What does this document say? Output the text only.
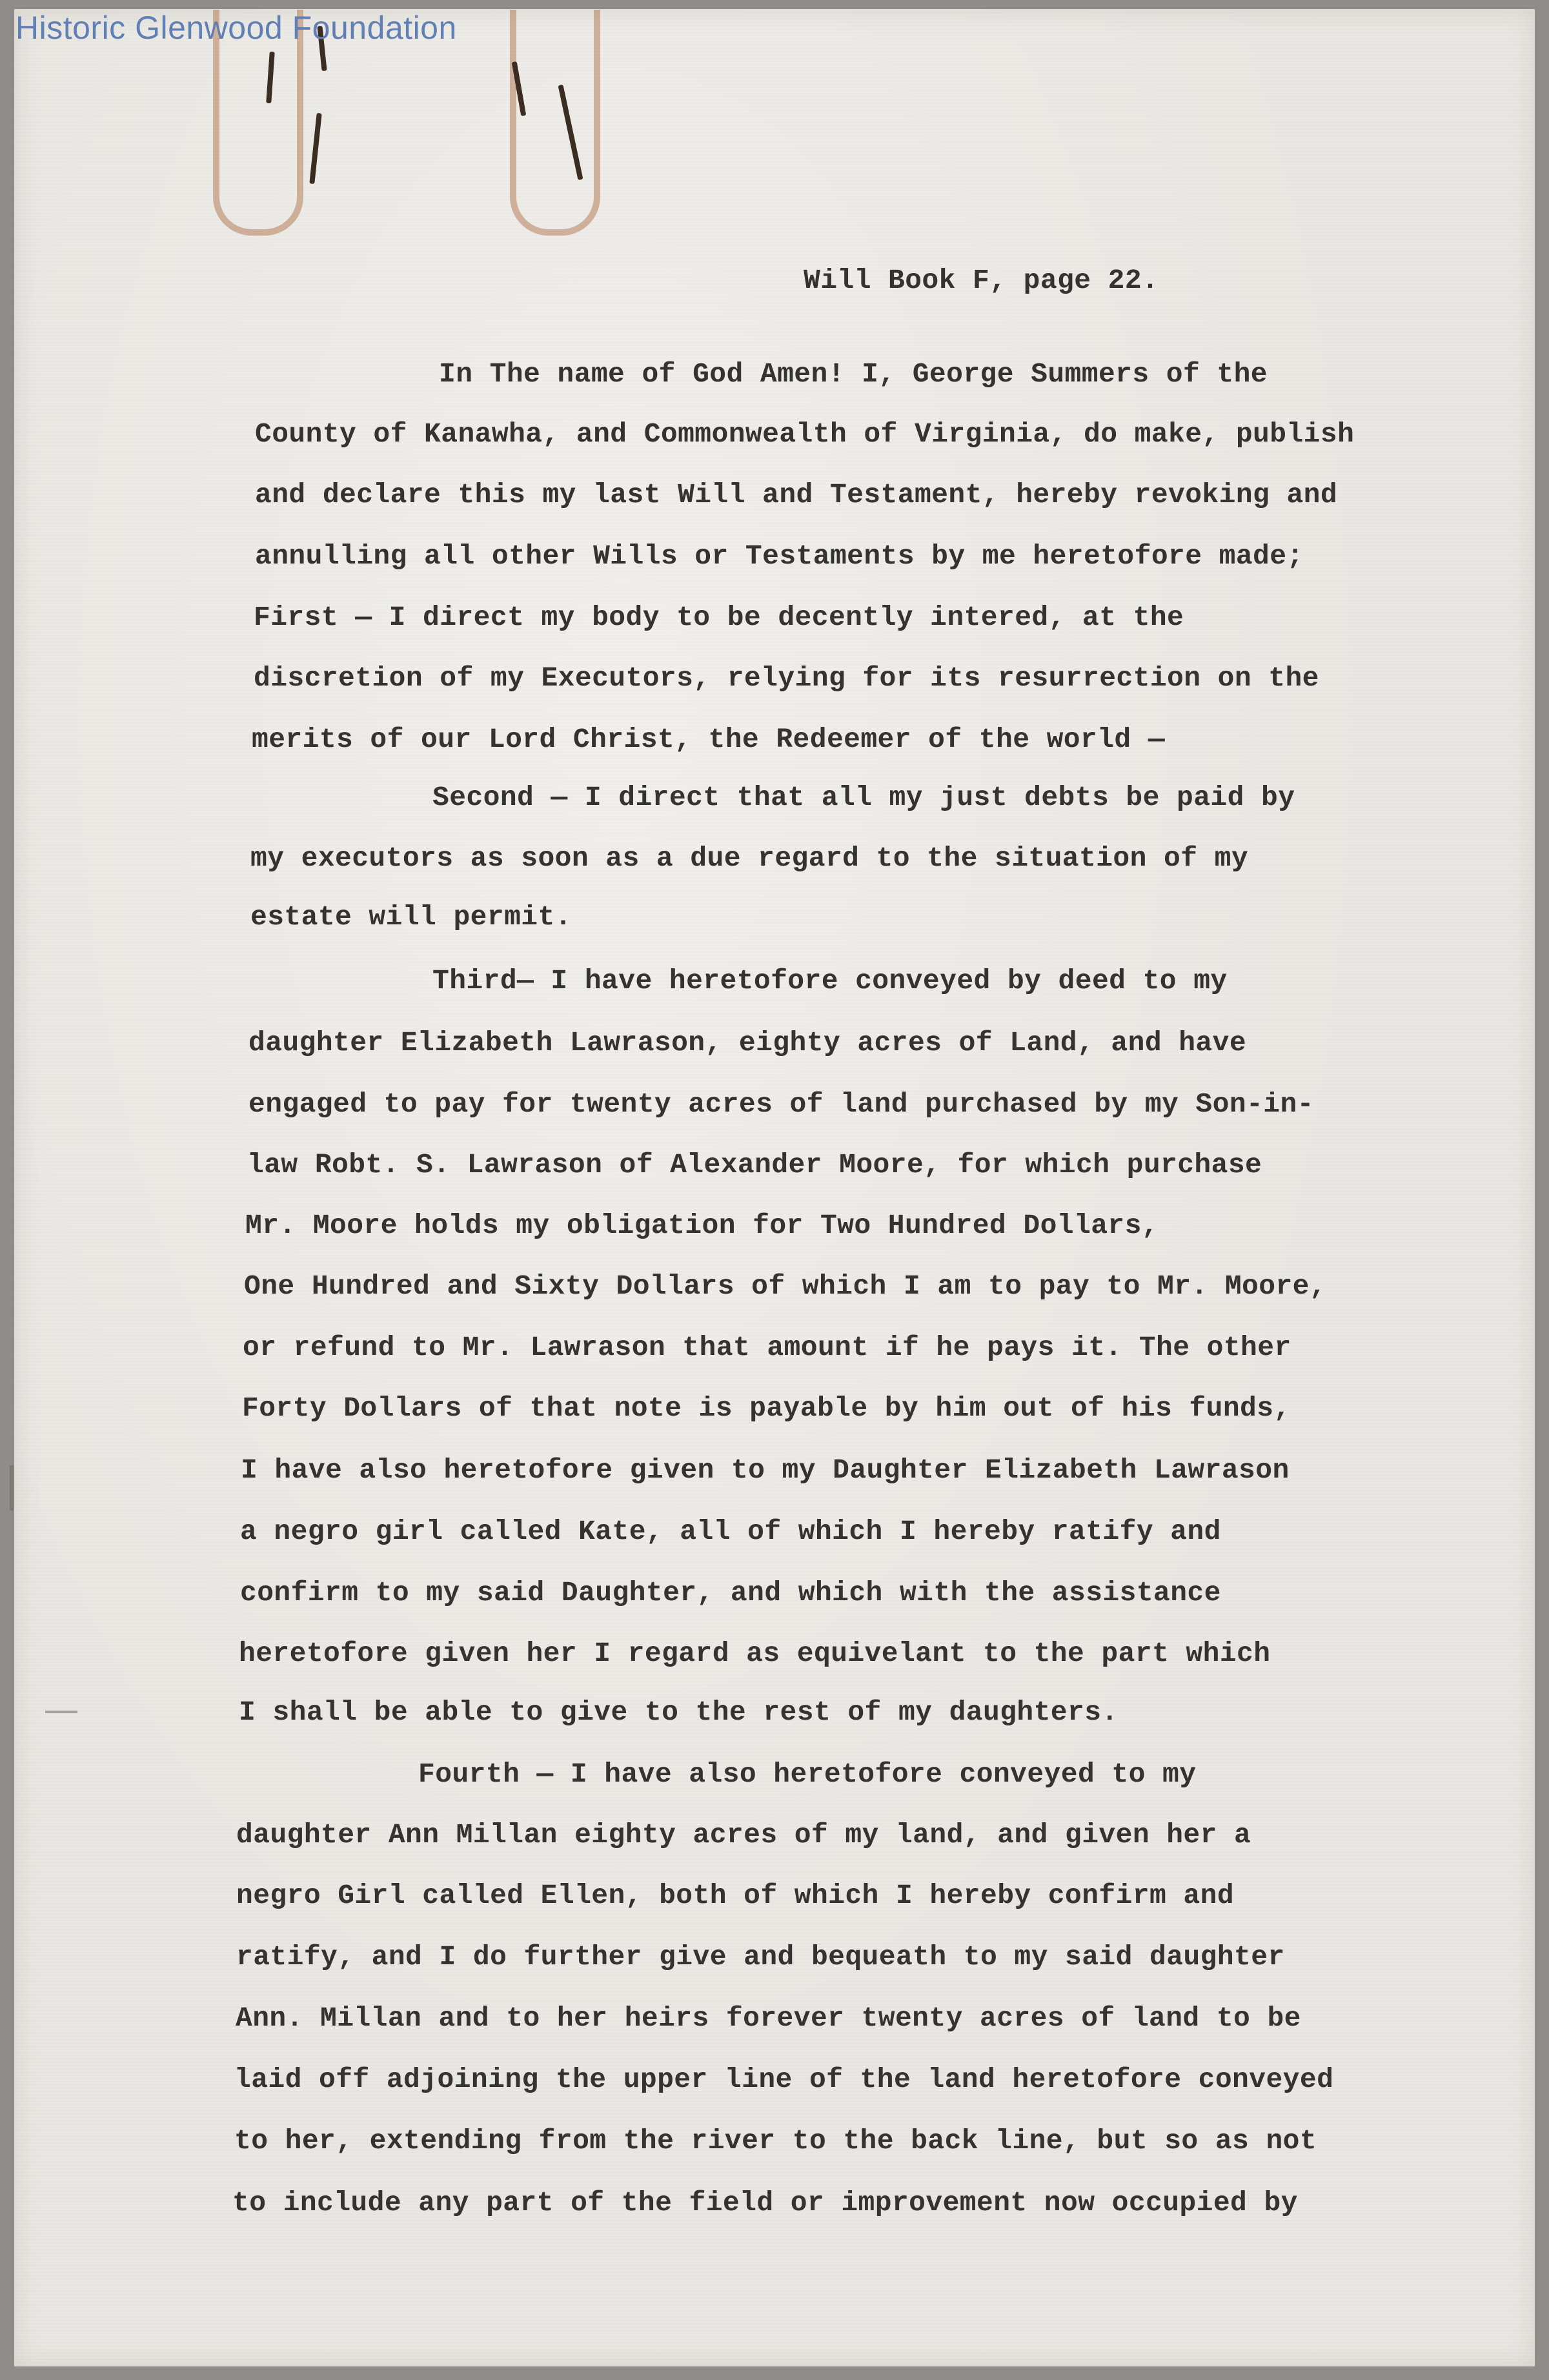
Historic Glenwood Foundation

Will Book F, page 22.

In The name of God Amen! I, George Summers of the

County of Kanawha, and Commonwealth of Virginia, do make, publish

and declare this my last Will and Testament, hereby revoking and

annulling all other Wills or Testaments by me heretofore made;

First — I direct my body to be decently intered, at the

discretion of my Executors, relying for its resurrection on the

merits of our Lord Christ, the Redeemer of the world —

Second — I direct that all my just debts be paid by

my executors as soon as a due regard to the situation of my

estate will permit.

Third— I have heretofore conveyed by deed to my

daughter Elizabeth Lawrason, eighty acres of Land, and have

engaged to pay for twenty acres of land purchased by my Son-in-

law Robt. S. Lawrason of Alexander Moore, for which purchase

Mr. Moore holds my obligation for Two Hundred Dollars,

One Hundred and Sixty Dollars of which I am to pay to Mr. Moore,

or refund to Mr. Lawrason that amount if he pays it. The other

Forty Dollars of that note is payable by him out of his funds,

I have also heretofore given to my Daughter Elizabeth Lawrason

a negro girl called Kate, all of which I hereby ratify and

confirm to my said Daughter, and which with the assistance

heretofore given her I regard as equivelant to the part which

I shall be able to give to the rest of my daughters.

Fourth — I have also heretofore conveyed to my

daughter Ann Millan eighty acres of my land, and given her a

negro Girl called Ellen, both of which I hereby confirm and

ratify, and I do further give and bequeath to my said daughter

Ann. Millan and to her heirs forever twenty acres of land to be

laid off adjoining the upper line of the land heretofore conveyed

to her, extending from the river to the back line, but so as not

to include any part of the field or improvement now occupied by
